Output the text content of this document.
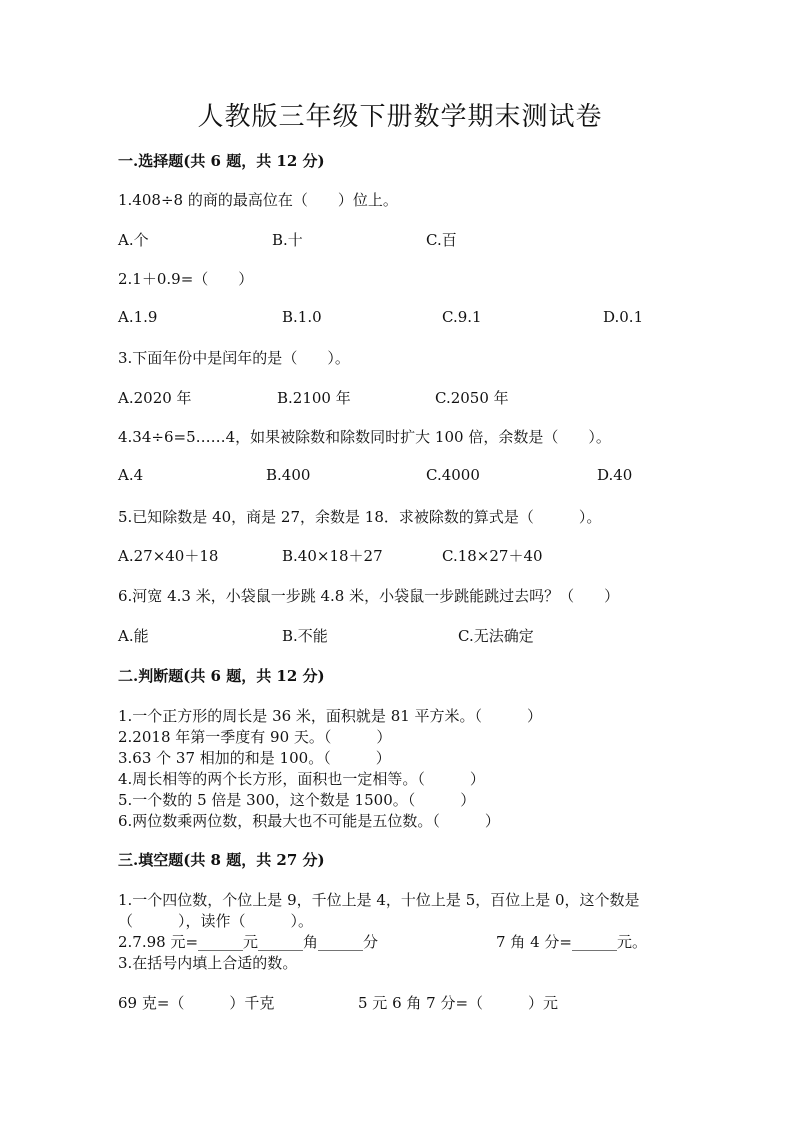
人教版三年级下册数学期末测试卷
一.选择题(共 6 题，共 12 分)
1.408÷8 的商的最高位在（　　）位上。
A.个	B.十	C.百
2.1＋0.9=（　　）
A.1.9	B.1.0	C.9.1	D.0.1
3.下面年份中是闰年的是（　　）。
A.2020 年	B.2100 年	C.2050 年
4.34÷6=5……4，如果被除数和除数同时扩大 100 倍，余数是（　　）。
A.4	B.400	C.4000	D.40
5.已知除数是 40，商是 27，余数是 18．求被除数的算式是（　　　）。
A.27×40＋18	B.40×18＋27	C.18×27＋40
6.河宽 4.3 米，小袋鼠一步跳 4.8 米，小袋鼠一步跳能跳过去吗？（　　）
A.能	B.不能	C.无法确定
二.判断题(共 6 题，共 12 分)
1.一个正方形的周长是 36 米，面积就是 81 平方米。（　　　）
2.2018 年第一季度有 90 天。（　　　）
3.63 个 37 相加的和是 100。（　　　）
4.周长相等的两个长方形，面积也一定相等。（　　　）
5.一个数的 5 倍是 300，这个数是 1500。（　　　）
6.两位数乘两位数，积最大也不可能是五位数。（　　　）
三.填空题(共 8 题，共 27 分)
1.一个四位数，个位上是 9，千位上是 4，十位上是 5，百位上是 0，这个数是
（　　　），读作（　　　）。
2.7.98 元=______元______角______分	7 角 4 分=______元。
3.在括号内填上合适的数。
69 克=（　　　）千克	5 元 6 角 7 分=（　　　）元
